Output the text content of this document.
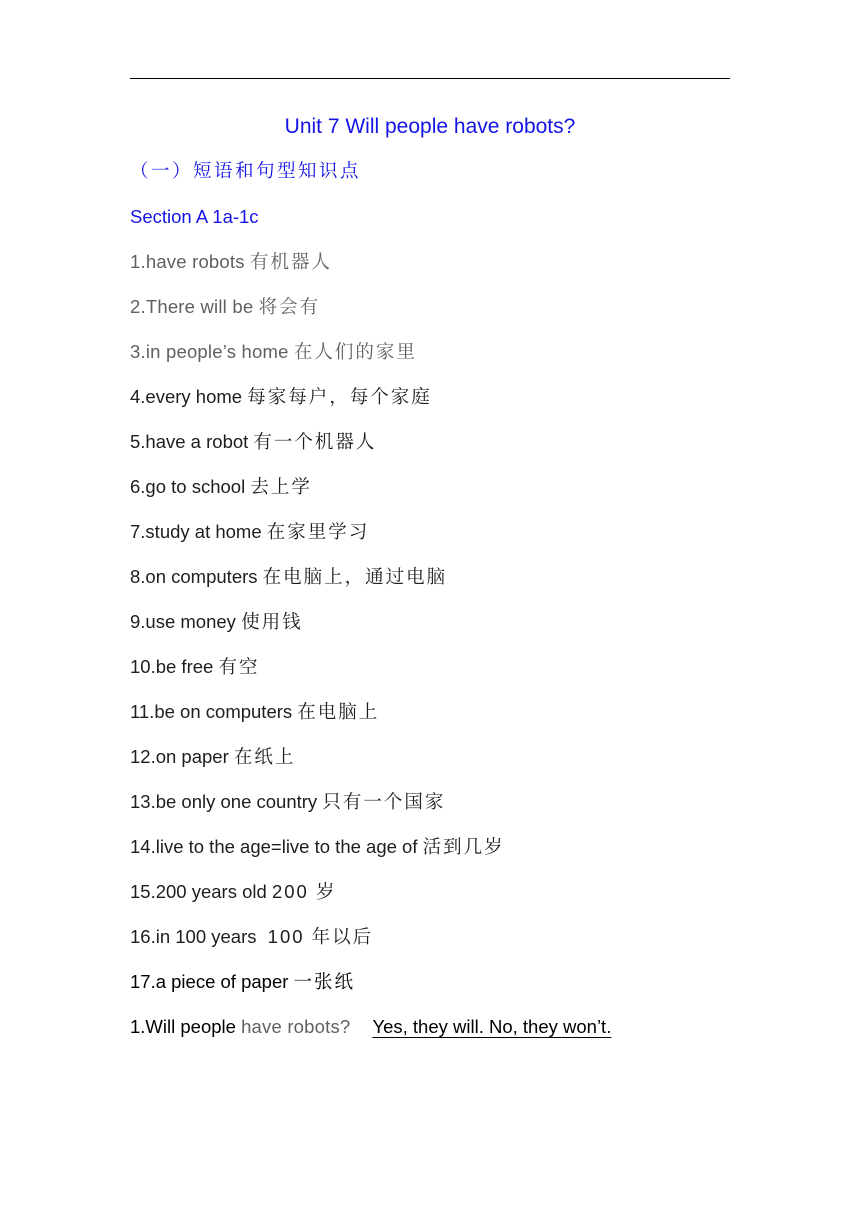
Unit 7 Will people have robots?
（一）短语和句型知识点
Section A 1a-1c
1.have robots 有机器人
2.There will be 将会有
3.in people’s home 在人们的家里
4.every home 每家每户，每个家庭
5.have a robot 有一个机器人
6.go to school 去上学
7.study at home 在家里学习
8.on computers 在电脑上，通过电脑
9.use money 使用钱
10.be free 有空
11.be on computers 在电脑上
12.on paper 在纸上
13.be only one country 只有一个国家
14.live to the age=live to the age of 活到几岁
15.200 years old 200 岁
16.in 100 years 100 年以后
17.a piece of paper 一张纸
1.Will people have robots? Yes, they will. No, they won’t.
